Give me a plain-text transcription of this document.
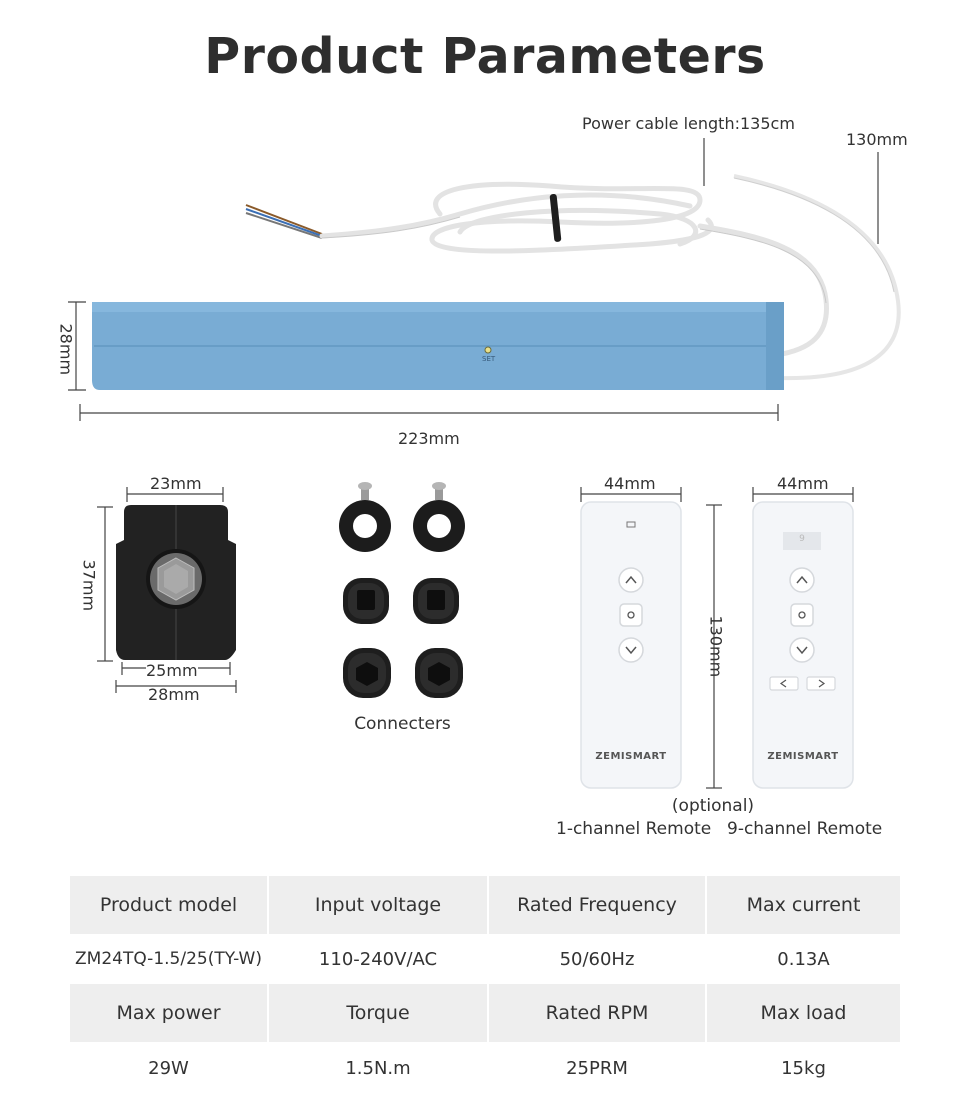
Product Parameters
Power cable length:135cm
130mm
SET
28mm
223mm
23mm
37mm
25mm
28mm
Connecters
44mm	44mm
130mm
ZEMISMART	ZEMISMART
9
(optional)
1-channel Remote 9-channel Remote
Product model	Input voltage	Rated Frequency	Max current
ZM24TQ-1.5/25(TY-W)	110-240V/AC	50/60Hz	0.13A
Max power	Torque	Rated RPM	Max load
29W	1.5N.m	25PRM	15kg
